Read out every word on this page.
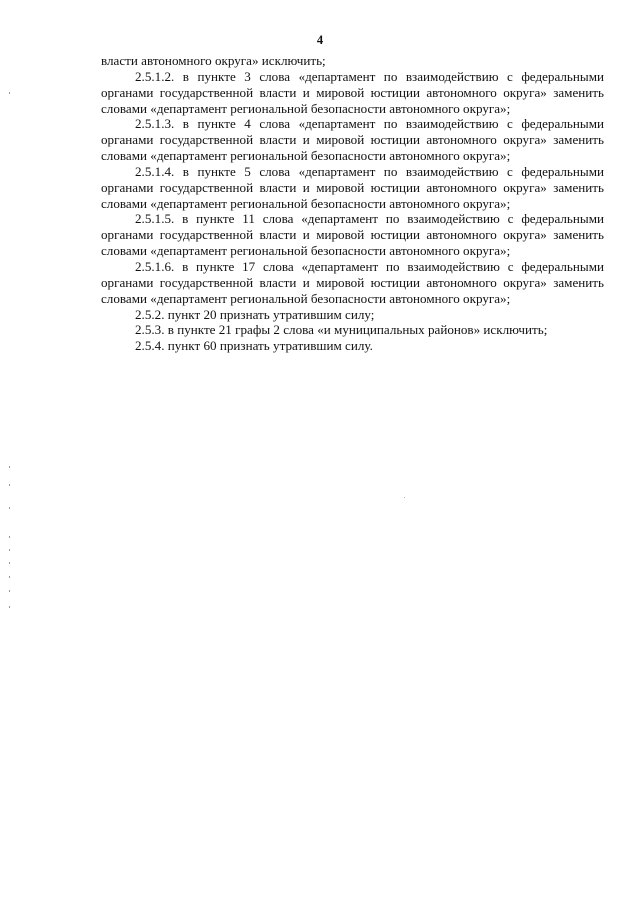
4

власти автономного округа» исключить;

2.5.1.2. в пункте 3 слова «департамент по взаимодействию с федеральными органами государственной власти и мировой юстиции автономного округа» заменить словами «департамент региональной безопасности автономного округа»;

2.5.1.3. в пункте 4 слова «департамент по взаимодействию с федеральными органами государственной власти и мировой юстиции автономного округа» заменить словами «департамент региональной безопасности автономного округа»;

2.5.1.4. в пункте 5 слова «департамент по взаимодействию с федеральными органами государственной власти и мировой юстиции автономного округа» заменить словами «департамент региональной безопасности автономного округа»;

2.5.1.5. в пункте 11 слова «департамент по взаимодействию с федеральными органами государственной власти и мировой юстиции автономного округа» заменить словами «департамент региональной безопасности автономного округа»;

2.5.1.6. в пункте 17 слова «департамент по взаимодействию с федеральными органами государственной власти и мировой юстиции автономного округа» заменить словами «департамент региональной безопасности автономного округа»;

2.5.2. пункт 20 признать утратившим силу;

2.5.3. в пункте 21 графы 2 слова «и муниципальных районов» исключить;

2.5.4. пункт 60 признать утратившим силу.
